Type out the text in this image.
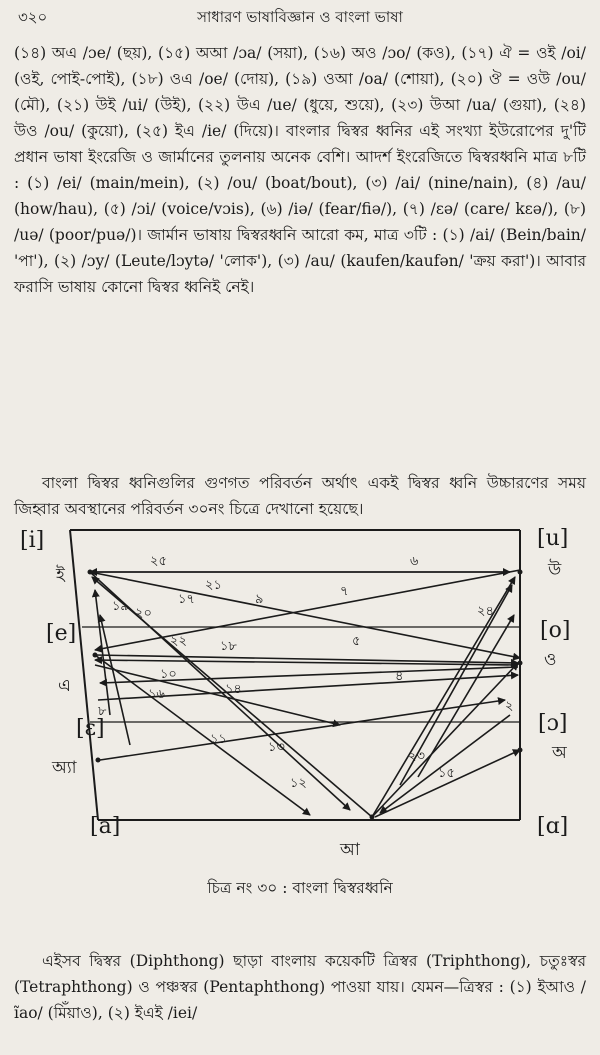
৩২০	সাধারণ ভাষাবিজ্ঞান ও বাংলা ভাষা
(১৪) অএ /ɔe/ (ছয়), (১৫) অআ /ɔa/ (সয়া), (১৬) অও /ɔo/ (কও), (১৭) ঐ = ওই /oi/ (ওই, পোই-পোই), (১৮) ওএ /oe/ (দোয়), (১৯) ওআ /oa/ (শোয়া), (২০) ঔ = ওউ /ou/ (মৌ), (২১) উই /ui/ (উই), (২২) উএ /ue/ (ধুয়ে, শুয়ে), (২৩) উআ /ua/ (গুয়া), (২৪) উও /ou/ (কুয়ো), (২৫) ইএ /ie/ (দিয়ে)। বাংলার দ্বিস্বর ধ্বনির এই সংখ্যা ইউরোপের দু'টি প্রধান ভাষা ইংরেজি ও জার্মানের তুলনায় অনেক বেশি। আদর্শ ইংরেজিতে দ্বিস্বরধ্বনি মাত্র ৮টি : (১) /ei/ (main/mein), (২) /ou/ (boat/bout), (৩) /ai/ (nine/nain), (৪) /au/ (how/hau), (৫) /ɔi/ (voice/vɔis), (৬) /iə/ (fear/fiə/), (৭) /ɛə/ (care/ kɛə/), (৮) /uə/ (poor/puə/)। জার্মান ভাষায় দ্বিস্বরধ্বনি আরো কম, মাত্র ৩টি : (১) /ai/ (Bein/bain/ 'পা'), (২) /ɔy/ (Leute/lɔytə/ 'লোক'), (৩) /au/ (kaufen/kaufən/ 'ক্রয় করা')। আবার ফরাসি ভাষায় কোনো দ্বিস্বর ধ্বনিই নেই।
বাংলা দ্বিস্বর ধ্বনিগুলির গুণগত পরিবর্তন অর্থাৎ একই দ্বিস্বর ধ্বনি উচ্চারণের সময় জিহ্বার অবস্থানের পরিবর্তন ৩০নং চিত্রে দেখানো হয়েছে।
[i]	[u]
[e]	[o]
[ɛ]	[ɔ]
[a]	[ɑ]
ই	উ
এ
ও
অ্যা
অ
আ
২৫
২১
৬
৭
১৭	৯
১৮
২০
১৯
২২
১৪
৫
১০
১৬
১১
১৩
১২
৮
৪
২৪
২৩
১৫
২
চিত্র নং ৩০ : বাংলা দ্বিস্বরধ্বনি
এইসব দ্বিস্বর (Diphthong) ছাড়া বাংলায় কয়েকটি ত্রিস্বর (Triphthong), চতুঃস্বর (Tetraphthong) ও পঞ্চস্বর (Pentaphthong) পাওয়া যায়। যেমন—ত্রিস্বর : (১) ইআও /ĩao/ (মিঁয়াও), (২) ইএই /iei/
